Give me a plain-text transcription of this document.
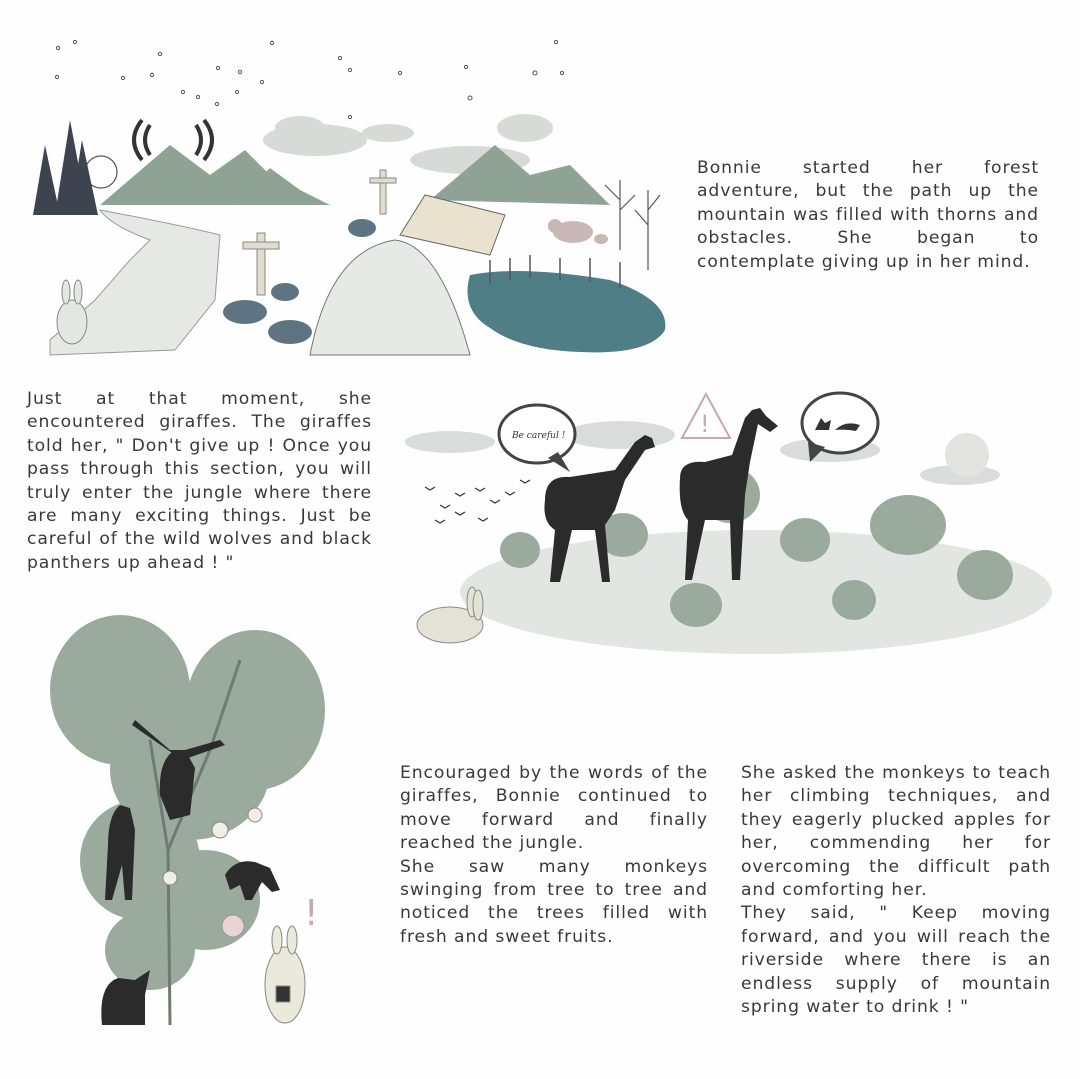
Bonnie started her forest adventure, but the path up the mountain was filled with thorns and obstacles. She began to contemplate giving up in her mind.

Just at that moment, she encountered giraffes. The giraffes told her, " Don't give up ! Once you pass through this section, you will truly enter the jungle where there are many exciting things. Just be careful of the wild wolves and black panthers up ahead ! "

Be careful !	!
!

Encouraged by the words of the giraffes, Bonnie continued to move forward and finally reached the jungle.

She saw many monkeys swinging from tree to tree and noticed the trees filled with fresh and sweet fruits.

She asked the monkeys to teach her climbing techniques, and they eagerly plucked apples for her, commending her for overcoming the difficult path and comforting her.

They said, " Keep moving forward, and you will reach the riverside where there is an endless supply of mountain spring water to drink ! "
